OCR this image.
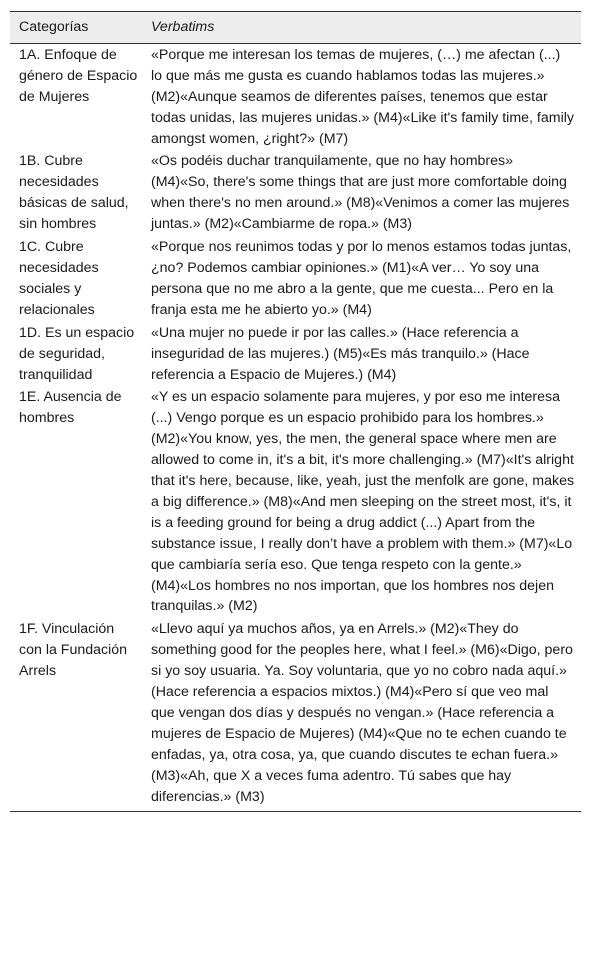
Categorías	Verbatims
1A. Enfoque de género de Espacio de Mujeres	«Porque me interesan los temas de mujeres, (…) me afectan (...) lo que más me gusta es cuando hablamos todas las mujeres.» (M2)«Aunque seamos de diferentes países, tenemos que estar todas unidas, las mujeres unidas.» (M4)«Like it's family time, family amongst women, ¿right?» (M7)
1B. Cubre necesidades básicas de salud, sin hombres	«Os podéis duchar tranquilamente, que no hay hombres» (M4)«So, there's some things that are just more comfortable doing when there's no men around.» (M8)«Venimos a comer las mujeres juntas.» (M2)«Cambiarme de ropa.» (M3)
1C. Cubre necesidades sociales y relacionales	«Porque nos reunimos todas y por lo menos estamos todas juntas, ¿no? Podemos cambiar opiniones.» (M1)«A ver… Yo soy una persona que no me abro a la gente, que me cuesta... Pero en la franja esta me he abierto yo.» (M4)
1D. Es un espacio de seguridad, tranquilidad	«Una mujer no puede ir por las calles.» (Hace referencia a inseguridad de las mujeres.) (M5)«Es más tranquilo.» (Hace referencia a Espacio de Mujeres.) (M4)
1E. Ausencia de hombres	«Y es un espacio solamente para mujeres, y por eso me interesa (...) Vengo porque es un espacio prohibido para los hombres.» (M2)«You know, yes, the men, the general space where men are allowed to come in, it's a bit, it's more challenging.» (M7)«It's alright that it's here, because, like, yeah, just the menfolk are gone, makes a big difference.» (M8)«And men sleeping on the street most, it's, it is a feeding ground for being a drug addict (...) Apart from the substance issue, I really don’t have a problem with them.» (M7)«Lo que cambiaría sería eso. Que tenga respeto con la gente.» (M4)«Los hombres no nos importan, que los hombres nos dejen tranquilas.» (M2)
1F. Vinculación con la Fundación Arrels	«Llevo aquí ya muchos años, ya en Arrels.» (M2)«They do something good for the peoples here, what I feel.» (M6)«Digo, pero si yo soy usuaria. Ya. Soy voluntaria, que yo no cobro nada aquí.» (Hace referencia a espacios mixtos.) (M4)«Pero sí que veo mal que vengan dos días y después no vengan.» (Hace referencia a mujeres de Espacio de Mujeres) (M4)«Que no te echen cuando te enfadas, ya, otra cosa, ya, que cuando discutes te echan fuera.» (M3)«Ah, que X a veces fuma adentro. Tú sabes que hay diferencias.» (M3)
